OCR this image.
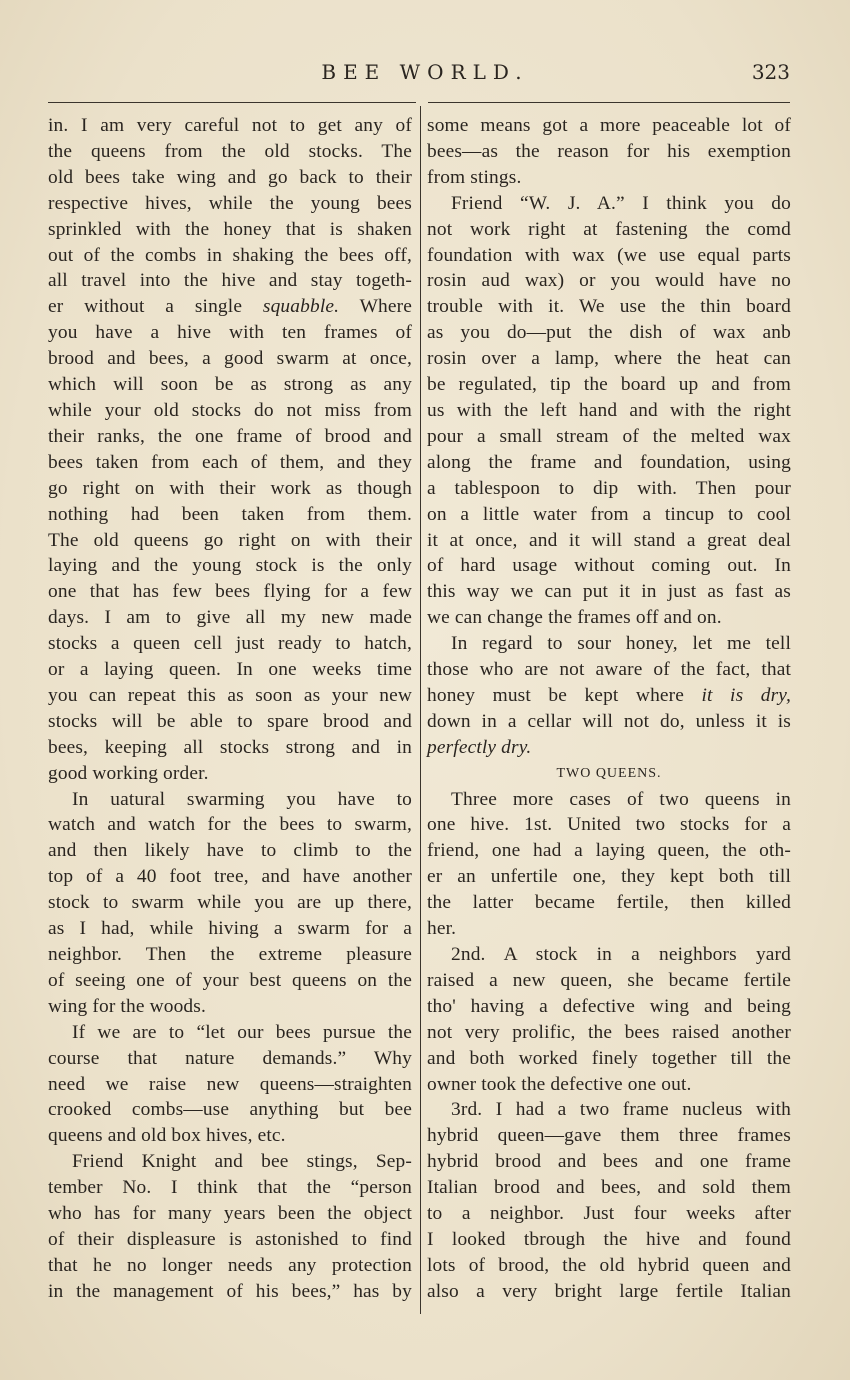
BEE WORLD.	323
in. I am very careful not to get any of
the queens from the old stocks. The
old bees take wing and go back to their
respective hives, while the young bees
sprinkled with the honey that is shaken
out of the combs in shaking the bees off,
all travel into the hive and stay togeth-
er without a single squabble. Where
you have a hive with ten frames of
brood and bees, a good swarm at once,
which will soon be as strong as any
while your old stocks do not miss from
their ranks, the one frame of brood and
bees taken from each of them, and they
go right on with their work as though
nothing had been taken from them.
The old queens go right on with their
laying and the young stock is the only
one that has few bees flying for a few
days. I am to give all my new made
stocks a queen cell just ready to hatch,
or a laying queen. In one weeks time
you can repeat this as soon as your new
stocks will be able to spare brood and
bees, keeping all stocks strong and in
good working order.
In uatural swarming you have to
watch and watch for the bees to swarm,
and then likely have to climb to the
top of a 40 foot tree, and have another
stock to swarm while you are up there,
as I had, while hiving a swarm for a
neighbor. Then the extreme pleasure
of seeing one of your best queens on the
wing for the woods.
If we are to “let our bees pursue the
course that nature demands.” Why
need we raise new queens—straighten
crooked combs—use anything but bee
queens and old box hives, etc.
Friend Knight and bee stings, Sep-
tember No. I think that the “person
who has for many years been the object
of their displeasure is astonished to find
that he no longer needs any protection
in the management of his bees,” has by
some means got a more peaceable lot of
bees—as the reason for his exemption
from stings.
Friend “W. J. A.” I think you do
not work right at fastening the comd
foundation with wax (we use equal parts
rosin aud wax) or you would have no
trouble with it. We use the thin board
as you do—put the dish of wax anb
rosin over a lamp, where the heat can
be regulated, tip the board up and from
us with the left hand and with the right
pour a small stream of the melted wax
along the frame and foundation, using
a tablespoon to dip with. Then pour
on a little water from a tincup to cool
it at once, and it will stand a great deal
of hard usage without coming out. In
this way we can put it in just as fast as
we can change the frames off and on.
In regard to sour honey, let me tell
those who are not aware of the fact, that
honey must be kept where it is dry,
down in a cellar will not do, unless it is
perfectly dry.
TWO QUEENS.
Three more cases of two queens in
one hive. 1st. United two stocks for a
friend, one had a laying queen, the oth-
er an unfertile one, they kept both till
the latter became fertile, then killed
her.
2nd. A stock in a neighbors yard
raised a new queen, she became fertile
tho' having a defective wing and being
not very prolific, the bees raised another
and both worked finely together till the
owner took the defective one out.
3rd. I had a two frame nucleus with
hybrid queen—gave them three frames
hybrid brood and bees and one frame
Italian brood and bees, and sold them
to a neighbor. Just four weeks after
I looked tbrough the hive and found
lots of brood, the old hybrid queen and
also a very bright large fertile Italian
